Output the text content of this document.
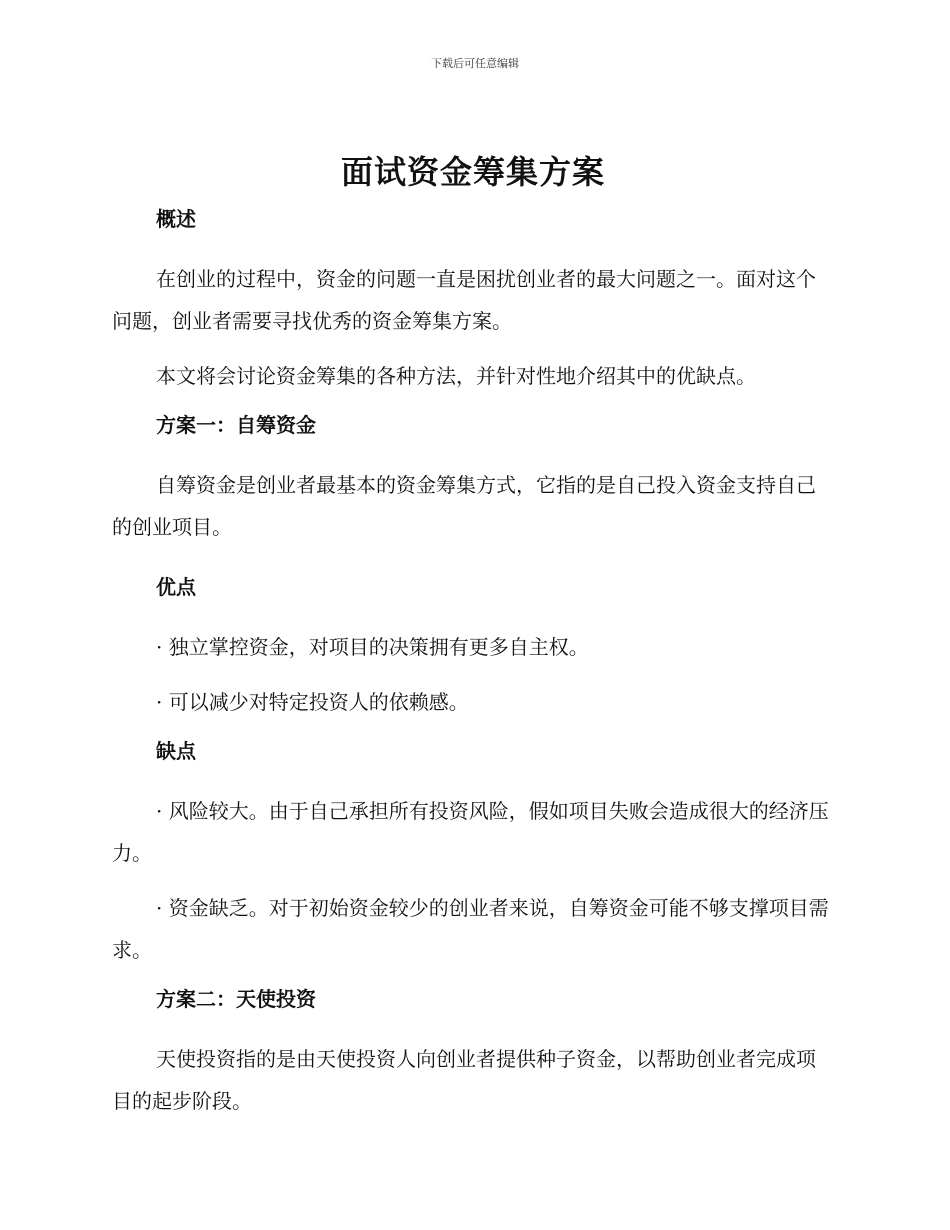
下载后可任意编辑
面试资金筹集方案
概述

在创业的过程中，资金的问题一直是困扰创业者的最大问题之一。面对这个问题，创业者需要寻找优秀的资金筹集方案。

本文将会讨论资金筹集的各种方法，并针对性地介绍其中的优缺点。

方案一：自筹资金

自筹资金是创业者最基本的资金筹集方式，它指的是自己投入资金支持自己的创业项目。

优点

· 独立掌控资金，对项目的决策拥有更多自主权。

· 可以减少对特定投资人的依赖感。

缺点

· 风险较大。由于自己承担所有投资风险，假如项目失败会造成很大的经济压力。

· 资金缺乏。对于初始资金较少的创业者来说，自筹资金可能不够支撑项目需求。

方案二：天使投资

天使投资指的是由天使投资人向创业者提供种子资金，以帮助创业者完成项目的起步阶段。
